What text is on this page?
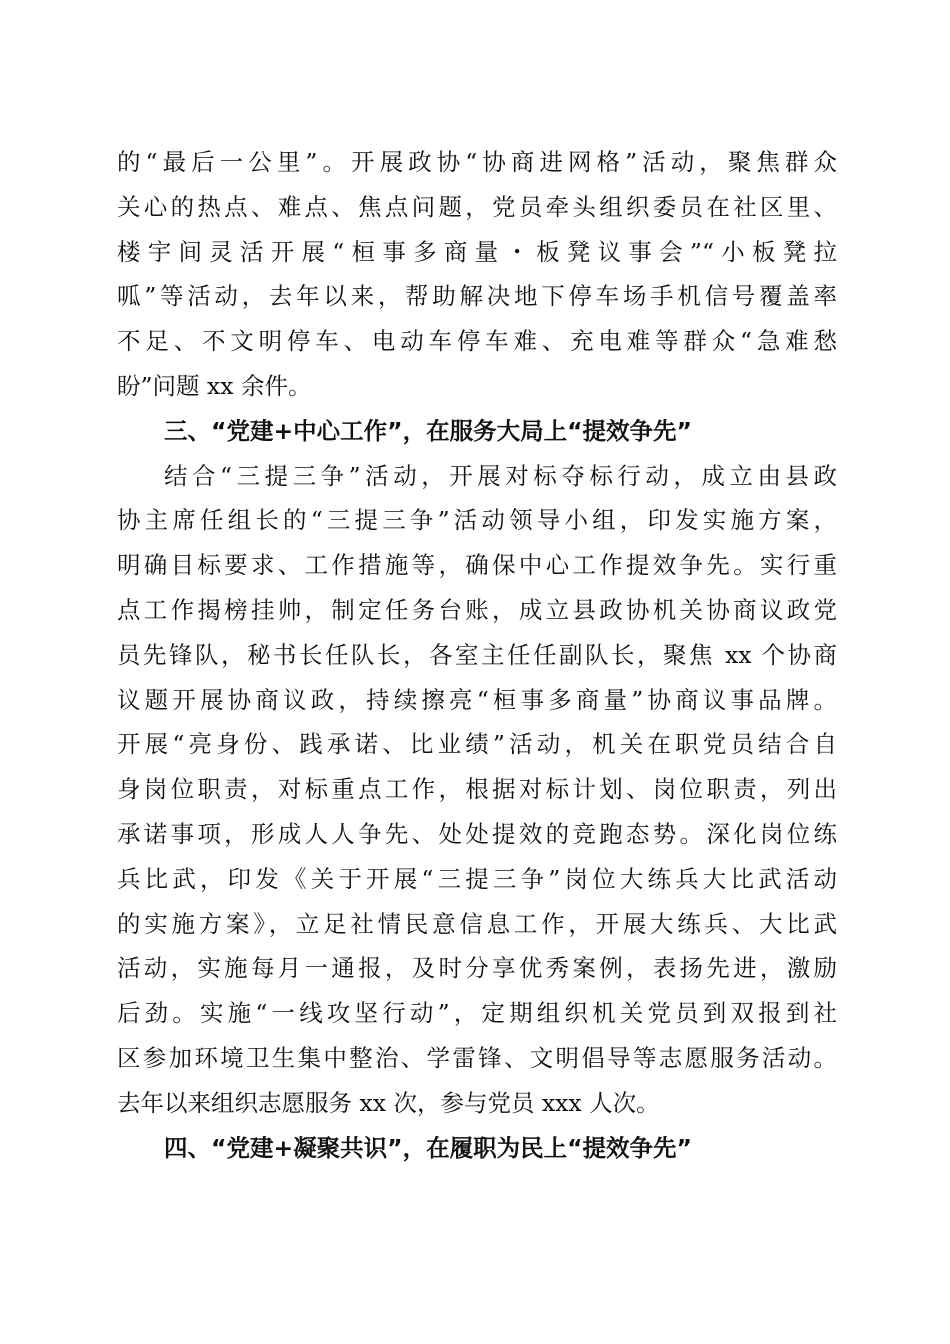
的“最后一公里”。开展政协“协商进网格”活动，聚焦群众
关心的热点、难点、焦点问题，党员牵头组织委员在社区里、
楼宇间灵活开展“桓事多商量・板凳议事会”“小板凳拉
呱”等活动，去年以来，帮助解决地下停车场手机信号覆盖率
不足、不文明停车、电动车停车难、充电难等群众“急难愁
盼”问题 xx 余件。
三、“党建+中心工作”，在服务大局上“提效争先”
结合“三提三争”活动，开展对标夺标行动，成立由县政
协主席任组长的“三提三争”活动领导小组，印发实施方案，
明确目标要求、工作措施等，确保中心工作提效争先。实行重
点工作揭榜挂帅，制定任务台账，成立县政协机关协商议政党
员先锋队，秘书长任队长，各室主任任副队长，聚焦 xx 个协商
议题开展协商议政，持续擦亮“桓事多商量”协商议事品牌。
开展“亮身份、践承诺、比业绩”活动，机关在职党员结合自
身岗位职责，对标重点工作，根据对标计划、岗位职责，列出
承诺事项，形成人人争先、处处提效的竞跑态势。深化岗位练
兵比武，印发《关于开展“三提三争”岗位大练兵大比武活动
的实施方案》，立足社情民意信息工作，开展大练兵、大比武
活动，实施每月一通报，及时分享优秀案例，表扬先进，激励
后劲。实施“一线攻坚行动”，定期组织机关党员到双报到社
区参加环境卫生集中整治、学雷锋、文明倡导等志愿服务活动。
去年以来组织志愿服务 xx 次，参与党员 xxx 人次。
四、“党建+凝聚共识”，在履职为民上“提效争先”
